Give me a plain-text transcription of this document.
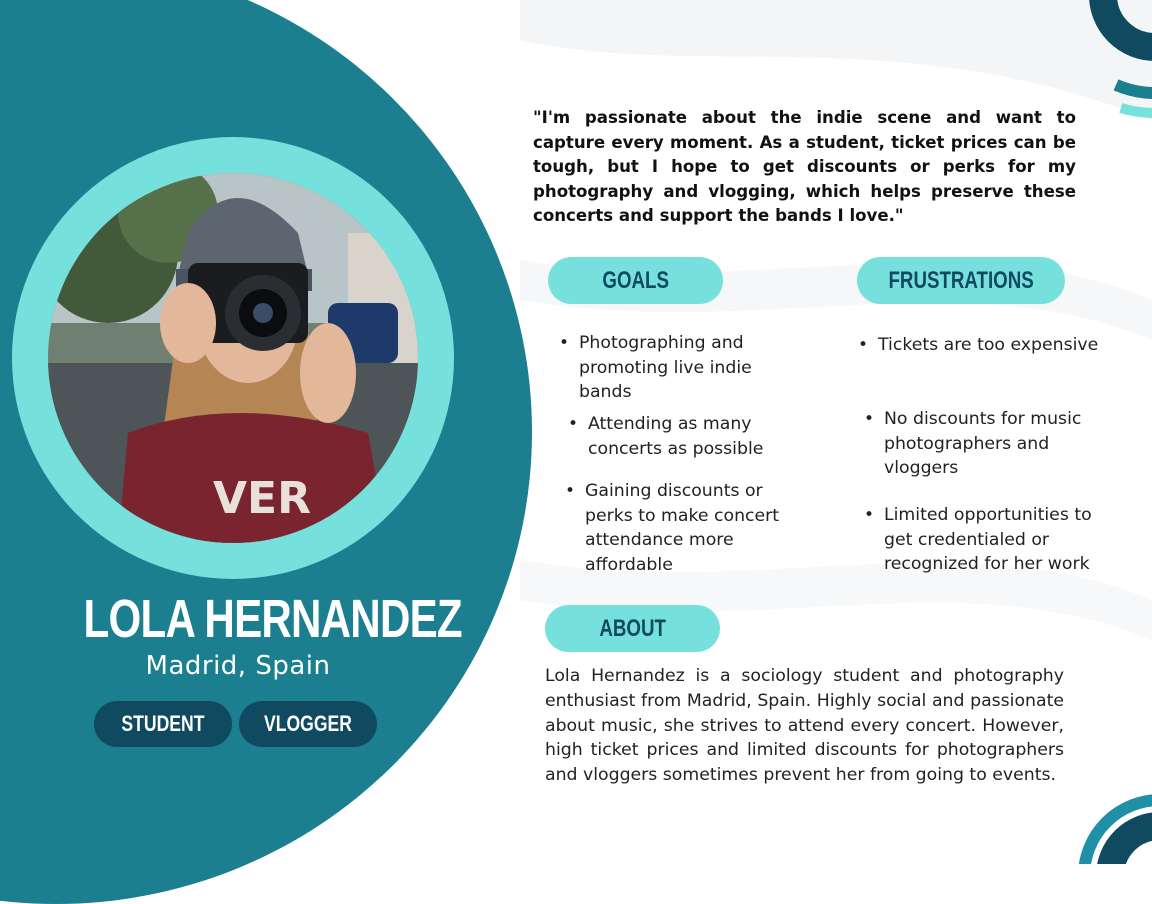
VER
LOLA HERNANDEZ
Madrid, Spain
STUDENT	VLOGGER
"I'm passionate about the indie scene and want to capture every moment. As a student, ticket prices can be tough, but I hope to get discounts or perks for my photography and vlogging, which helps preserve these concerts and support the bands I love."
GOALS	FRUSTRATIONS
• Photographing and promoting live indie bands
• Attending as many concerts as possible
• Gaining discounts or perks to make concert attendance more affordable
• Tickets are too expensive
• No discounts for music photographers and vloggers
• Limited opportunities to get credentialed or recognized for her work
ABOUT
Lola Hernandez is a sociology student and photography enthusiast from Madrid, Spain. Highly social and passionate about music, she strives to attend every concert. However, high ticket prices and limited discounts for photographers and vloggers sometimes prevent her from going to events.
